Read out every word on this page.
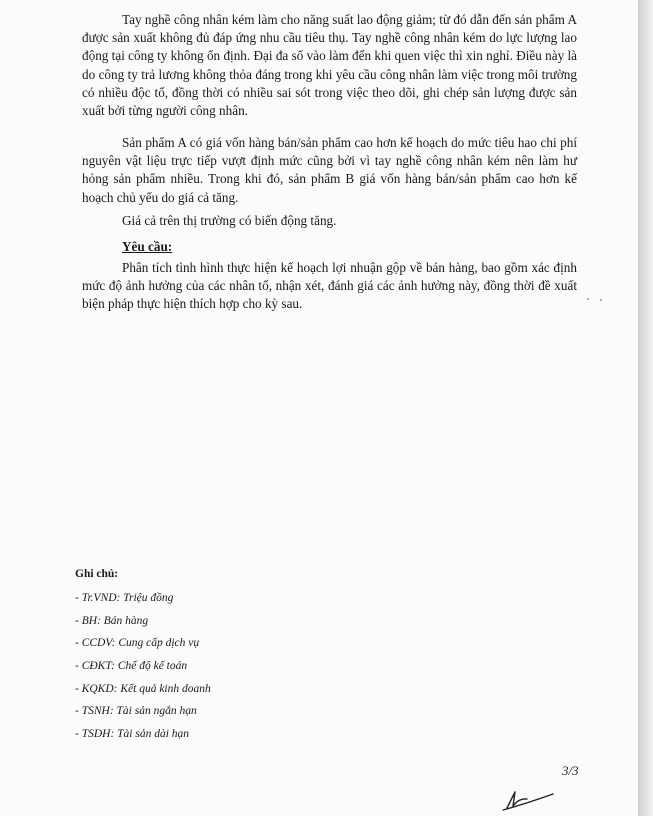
Tay nghề công nhân kém làm cho năng suất lao động giảm; từ đó dẫn đến sản phẩm A được sản xuất không đủ đáp ứng nhu cầu tiêu thụ. Tay nghề công nhân kém do lực lượng lao động tại công ty không ổn định. Đại đa số vào làm đến khi quen việc thì xin nghỉ. Điều này là do công ty trả lương không thỏa đáng trong khi yêu cầu công nhân làm việc trong môi trường có nhiều độc tố, đồng thời có nhiều sai sót trong việc theo dõi, ghi chép sản lượng được sản xuất bởi từng người công nhân.

Sản phẩm A có giá vốn hàng bán/sản phẩm cao hơn kế hoạch do mức tiêu hao chi phí nguyên vật liệu trực tiếp vượt định mức cũng bởi vì tay nghề công nhân kém nên làm hư hỏng sản phẩm nhiều. Trong khi đó, sản phẩm B giá vốn hàng bán/sản phẩm cao hơn kế hoạch chủ yếu do giá cả tăng.

Giá cả trên thị trường có biến động tăng.

Yêu cầu:

Phân tích tình hình thực hiện kế hoạch lợi nhuận gộp về bán hàng, bao gồm xác định mức độ ảnh hưởng của các nhân tố, nhận xét, đánh giá các ảnh hưởng này, đồng thời đề xuất biện pháp thực hiện thích hợp cho kỳ sau.

Ghi chú:
- Tr.VND: Triệu đồng
- BH: Bán hàng
- CCDV: Cung cấp dịch vụ
- CĐKT: Chế độ kế toán
- KQKD: Kết quả kinh doanh
- TSNH: Tài sản ngắn hạn
- TSDH: Tài sản dài hạn
3/3
